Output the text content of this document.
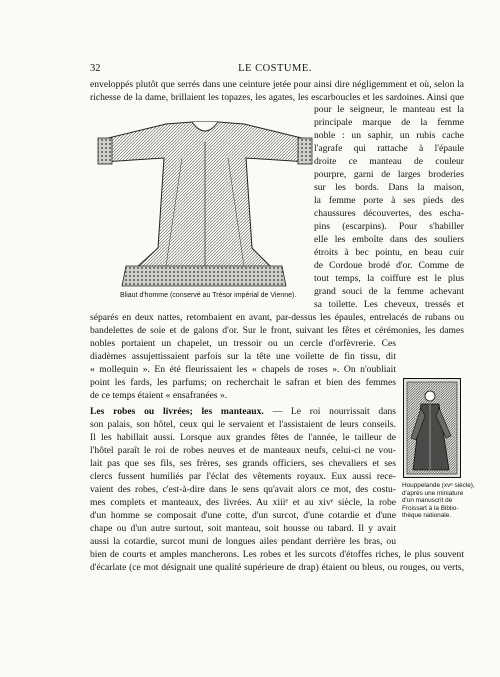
32	LE COSTUME.
enveloppés plutôt que serrés dans une ceinture jetée pour ainsi dire négligemment et où, selon la
richesse de la dame, brillaient les topazes, les agates, les escarboucles et les sardoines. Ainsi que
Bliaut d'homme (conservé au Trésor impérial de Vienne).
pour le seigneur, le manteau est la
principale marque de la femme
noble : un saphir, un rubis cache
l'agrafe qui rattache à l'épaule
droite ce manteau de couleur
pourpre, garni de larges broderies
sur les bords. Dans la maison,
la femme porte à ses pieds des
chaussures découvertes, des escha-
pins (escarpins). Pour s'habiller
elle les emboîte dans des souliers
étroits à bec pointu, en beau cuir
de Cordoue brodé d'or. Comme de
tout temps, la coiffure est le plus
grand souci de la femme achevant
sa toilette. Les cheveux, tressés et
séparés en deux nattes, retombaient en avant, par-dessus les épaules, entrelacés de rubans ou
bandelettes de soie et de galons d'or. Sur le front, suivant les fêtes et cérémonies, les dames
nobles portaient un chapelet, un tressoir ou un cercle d'orfèvrerie. Ces
diadèmes assujettissaient parfois sur la tête une voilette de fin tissu, dit
« mollequin ». En été fleurissaient les « chapels de roses ». On n'oubliait
point les fards, les parfums; on recherchait le safran et bien des femmes
de ce temps étaient « ensafranées ».
Les robes ou livrées; les manteaux. — Le roi nourrissait dans
son palais, son hôtel, ceux qui le servaient et l'assistaient de leurs conseils.
Il les habillait aussi. Lorsque aux grandes fêtes de l'année, le tailleur de
l'hôtel paraît le roi de robes neuves et de manteaux neufs, celui-ci ne vou-
lait pas que ses fils, ses frères, ses grands officiers, ses chevaliers et ses
clercs fussent humiliés par l'éclat des vêtements royaux. Eux aussi rece-
vaient des robes, c'est-à-dire dans le sens qu'avait alors ce mot, des costu-
mes complets et manteaux, des livrées. Au xiiiᵉ et au xivᵉ siècle, la robe
d'un homme se composait d'une cotte, d'un surcot, d'une cotardie et d'une
chape ou d'un autre surtout, soit manteau, soit housse ou tabard. Il y avait
aussi la cotardie, surcot muni de longues ailes pendant derrière les bras, ou
Houppelande (xvᵉ siècle),
d'après une miniature
d'un manuscrit de
Froissart à la Biblio-
thèque nationale.
bien de courts et amples mancherons. Les robes et les surcots d'étoffes riches, le plus souvent
d'écarlate (ce mot désignait une qualité supérieure de drap) étaient ou bleus, ou rouges, ou verts,
